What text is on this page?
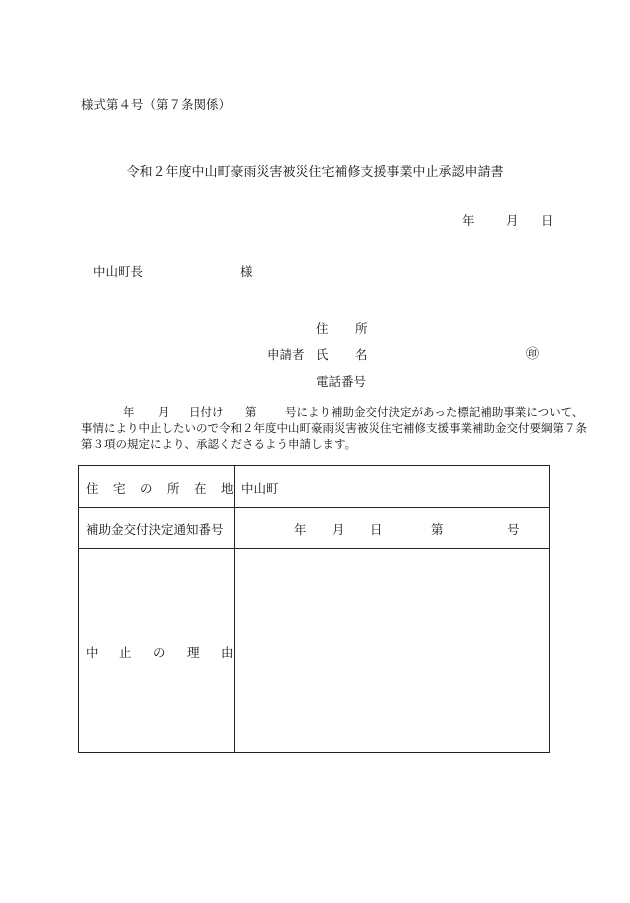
様式第４号（第７条関係）
令和２年度中山町豪雨災害被災住宅補修支援事業中止承認申請書
年	月 日
中山町長	様
住 所
申請者 氏 名	㊞
電話番号
年 月 日付け 第 号により補助金交付決定があった標記補助事業について、
事情により中止したいので令和２年度中山町豪雨災害被災住宅補修支援事業補助金交付要綱第７条
第３項の規定により、承認くださるよう申請します。
住 宅 の 所 在 地 中山町
補助金交付決定通知番号	年 月 日	第	号
中 止 の 理 由
